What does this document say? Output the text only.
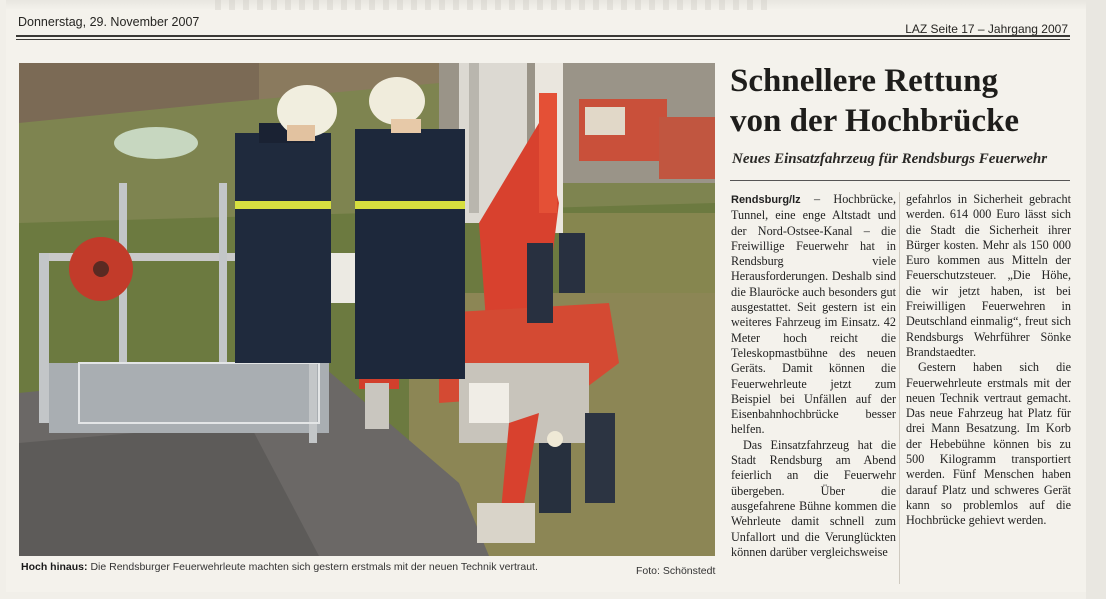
Donnerstag, 29. November 2007	LAZ Seite 17 – Jahrgang 2007
Hoch hinaus: Die Rendsburger Feuerwehrleute machten sich gestern erstmals mit der neuen Technik vertraut.	Foto: Schönstedt
Schnellere Rettung
von der Hochbrücke
Neues Einsatzfahrzeug für Rendsburgs Feuerwehr

Rendsburg/lz – Hochbrücke, Tunnel, eine enge Altstadt und der Nord-Ostsee-Kanal – die Freiwillige Feuerwehr hat in Rendsburg viele Herausforderungen. Deshalb sind die Blauröcke auch besonders gut ausgestattet. Seit gestern ist ein weiteres Fahrzeug im Einsatz. 42 Meter hoch reicht die Teleskopmastbühne des neuen Geräts. Damit können die Feuerwehrleute jetzt zum Beispiel bei Unfällen auf der Eisenbahnhochbrücke besser helfen.

Das Einsatzfahrzeug hat die Stadt Rendsburg am Abend feierlich an die Feuerwehr übergeben. Über die ausgefahrene Bühne kommen die Wehrleute damit schnell zum Unfallort und die Verunglückten können darüber vergleichsweise

gefahrlos in Sicherheit gebracht werden. 614 000 Euro lässt sich die Stadt die Sicherheit ihrer Bürger kosten. Mehr als 150 000 Euro kommen aus Mitteln der Feuerschutzsteuer. „Die Höhe, die wir jetzt haben, ist bei Freiwilligen Feuerwehren in Deutschland einmalig“, freut sich Rendsburgs Wehrführer Sönke Brandstaedter.

Gestern haben sich die Feuerwehrleute erstmals mit der neuen Technik vertraut gemacht. Das neue Fahrzeug hat Platz für drei Mann Besatzung. Im Korb der Hebebühne können bis zu 500 Kilogramm transportiert werden. Fünf Menschen haben darauf Platz und schweres Gerät kann so problemlos auf die Hochbrücke gehievt werden.
